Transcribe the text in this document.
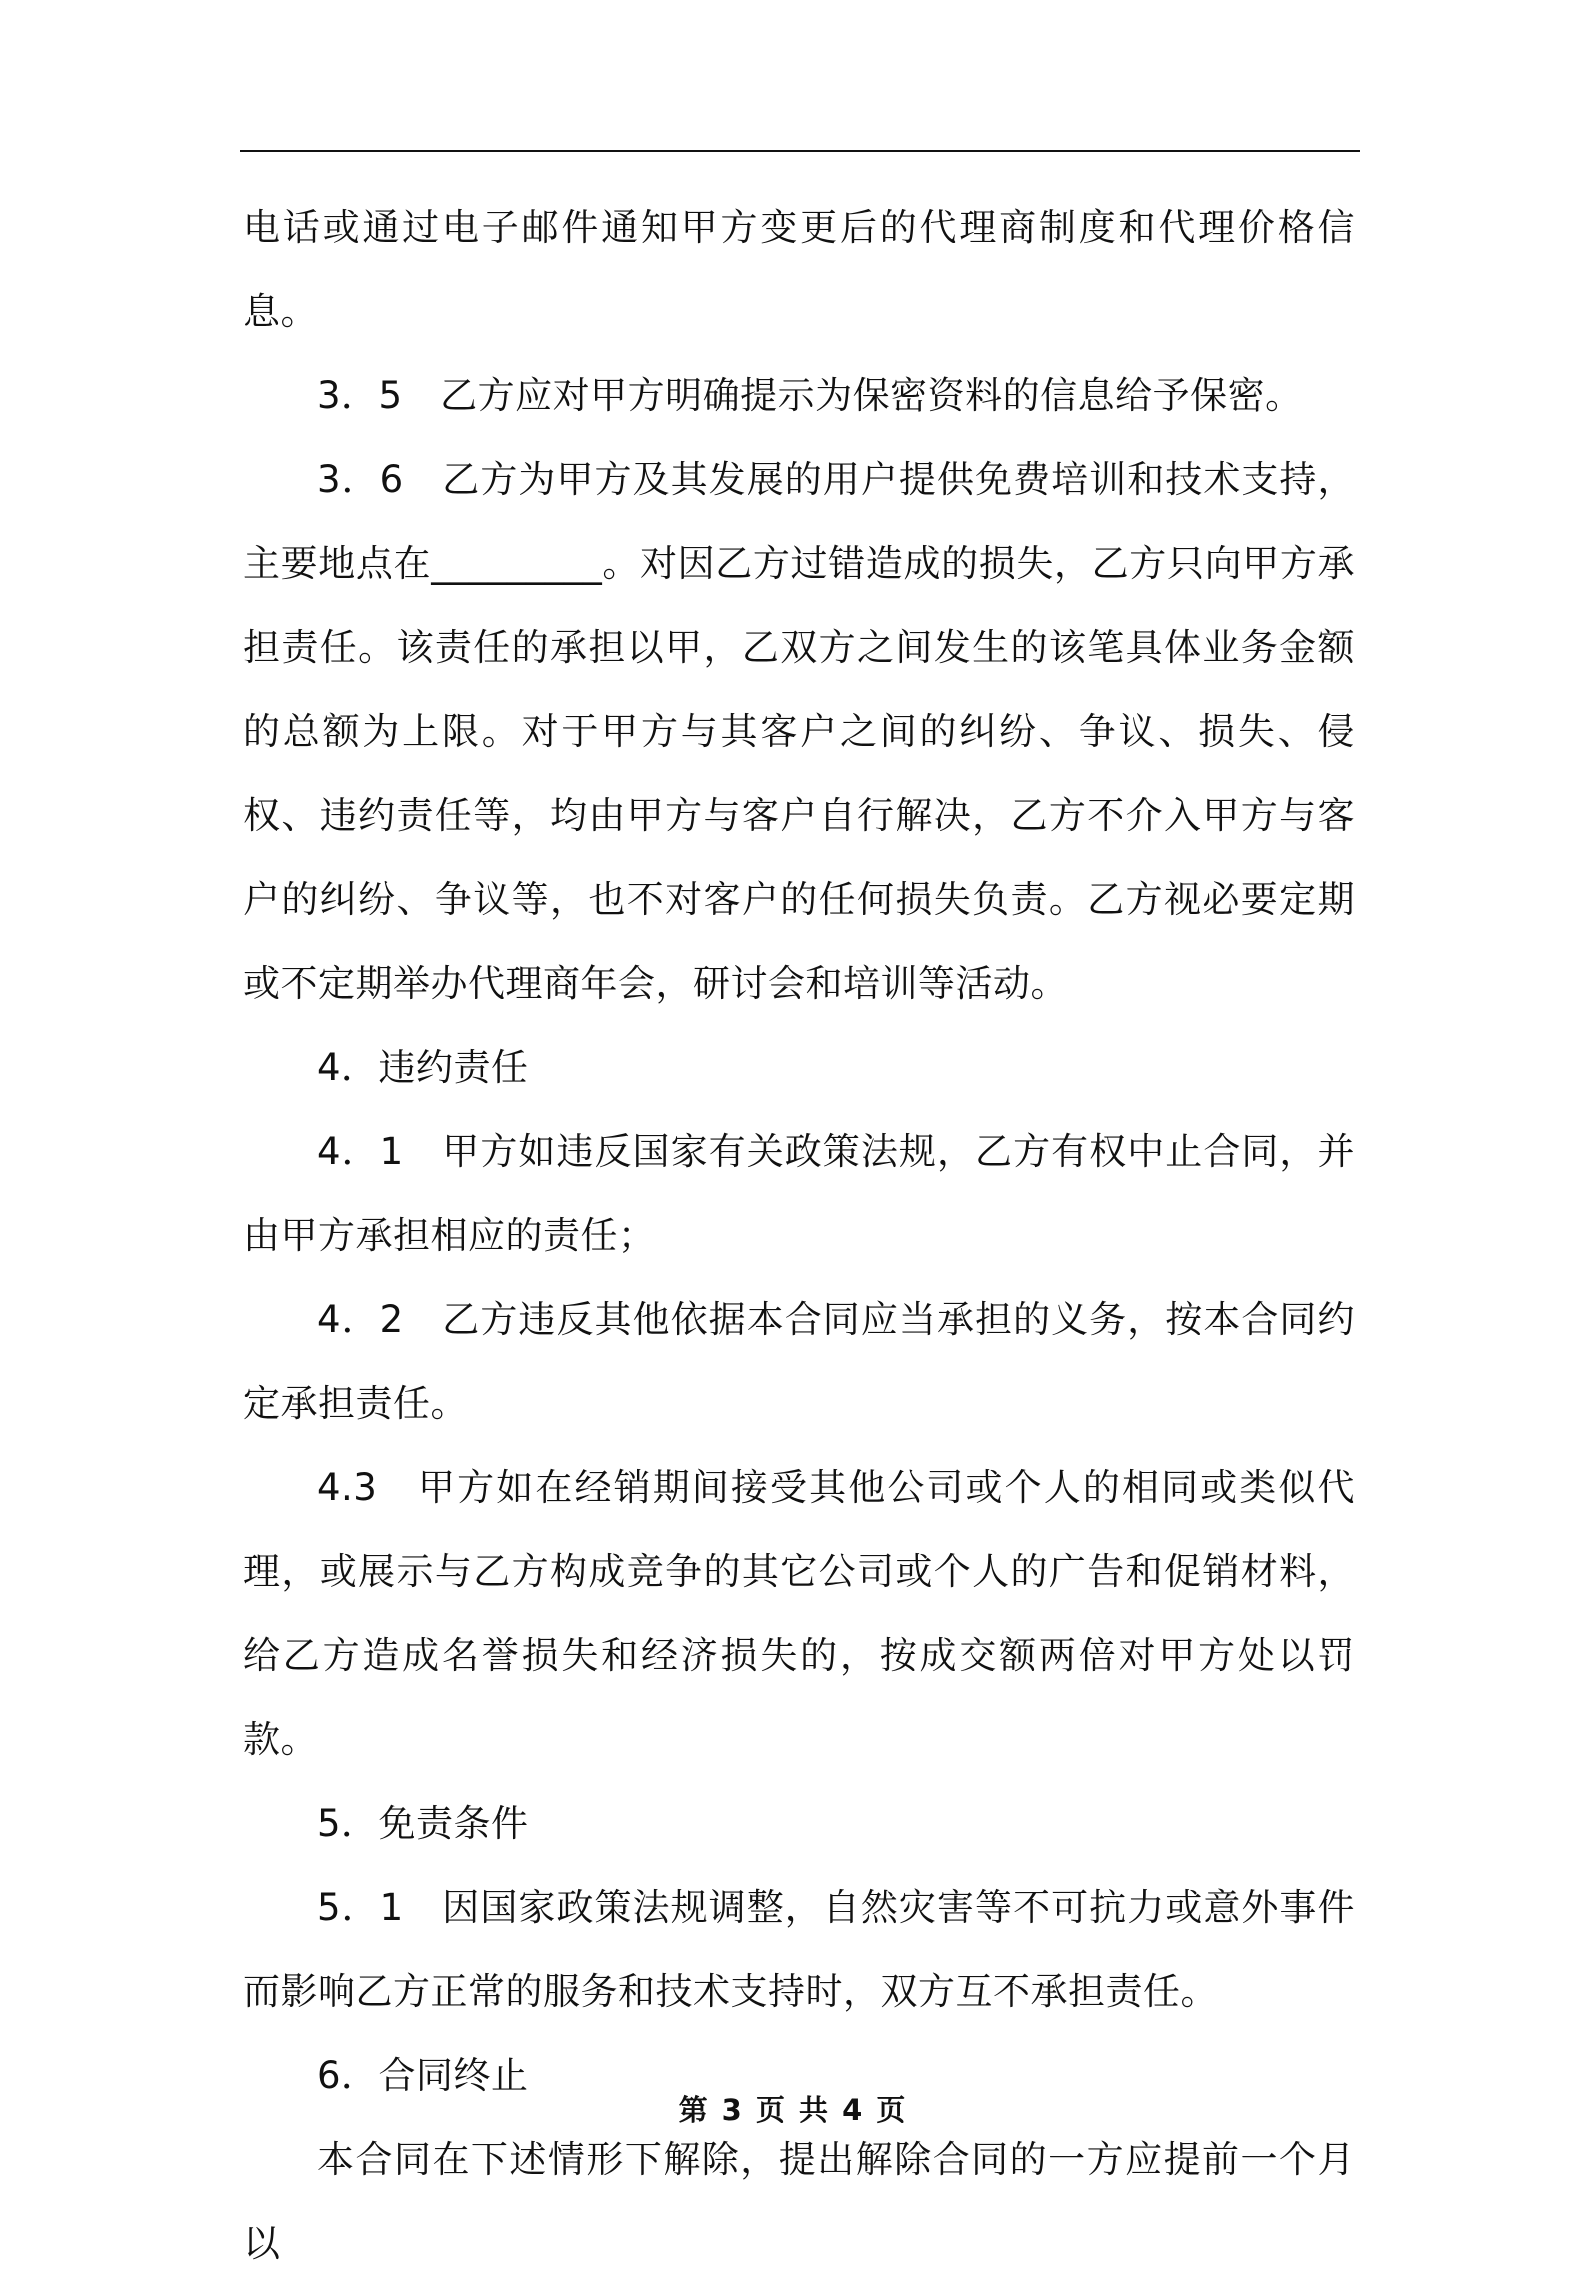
电话或通过电子邮件通知甲方变更后的代理商制度和代理价格信息。

3．5　乙方应对甲方明确提示为保密资料的信息给予保密。

3．6　乙方为甲方及其发展的用户提供免费培训和技术支持，主要地点在_________。对因乙方过错造成的损失，乙方只向甲方承担责任。该责任的承担以甲，乙双方之间发生的该笔具体业务金额的总额为上限。对于甲方与其客户之间的纠纷、争议、损失、侵权、违约责任等，均由甲方与客户自行解决，乙方不介入甲方与客户的纠纷、争议等，也不对客户的任何损失负责。乙方视必要定期或不定期举办代理商年会，研讨会和培训等活动。

4．违约责任

4．1　甲方如违反国家有关政策法规，乙方有权中止合同，并由甲方承担相应的责任；

4．2　乙方违反其他依据本合同应当承担的义务，按本合同约定承担责任。

4.3　甲方如在经销期间接受其他公司或个人的相同或类似代理，或展示与乙方构成竞争的其它公司或个人的广告和促销材料，给乙方造成名誉损失和经济损失的，按成交额两倍对甲方处以罚款。

5．免责条件

5．1　因国家政策法规调整，自然灾害等不可抗力或意外事件而影响乙方正常的服务和技术支持时，双方互不承担责任。

6．合同终止

本合同在下述情形下解除，提出解除合同的一方应提前一个月以

第 3 页 共 4 页
